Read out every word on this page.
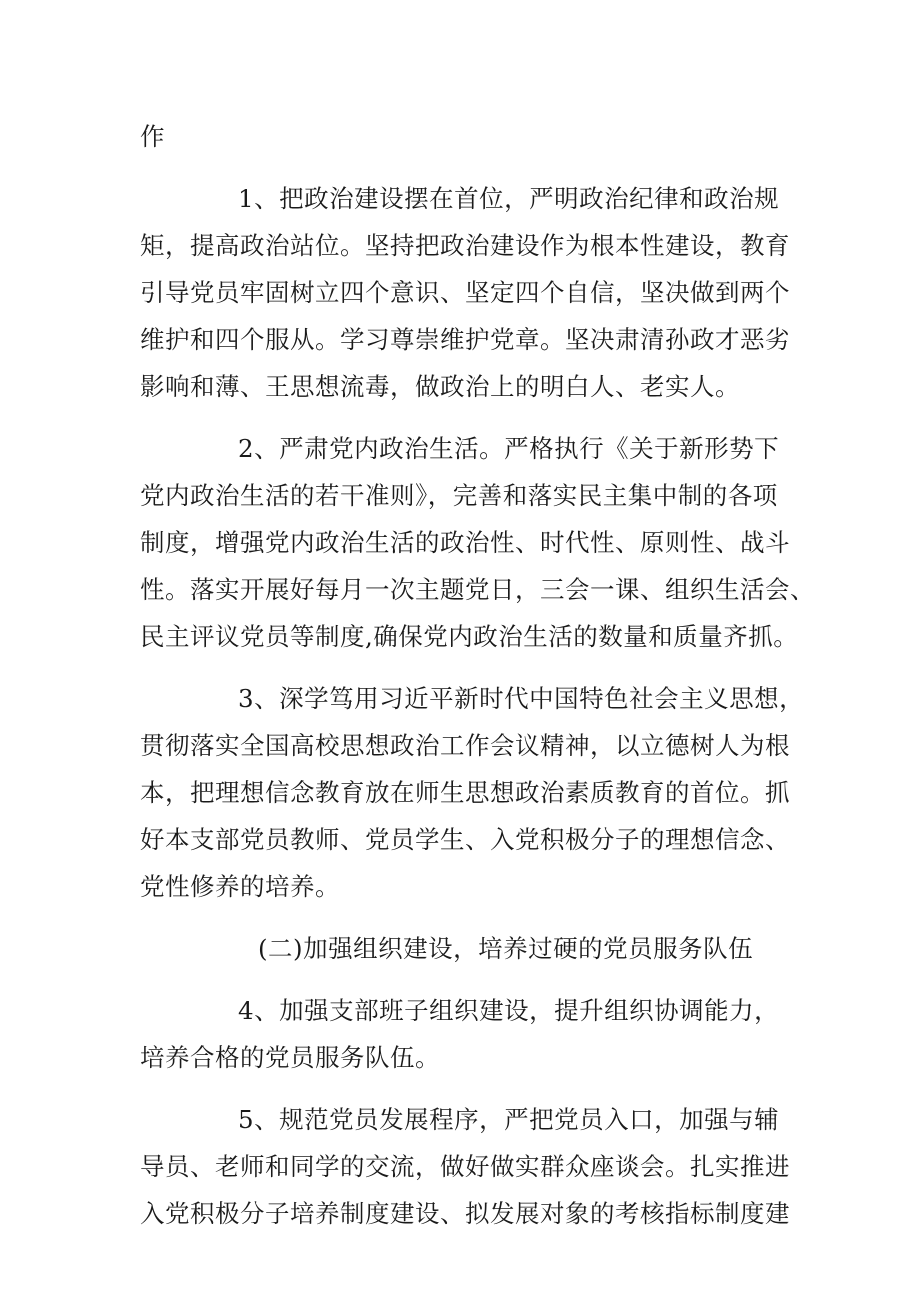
作
1、把政治建设摆在首位，严明政治纪律和政治规
矩，提高政治站位。坚持把政治建设作为根本性建设，教育
引导党员牢固树立四个意识、坚定四个自信，坚决做到两个
维护和四个服从。学习尊崇维护党章。坚决肃清孙政才恶劣
影响和薄、王思想流毒，做政治上的明白人、老实人。
2、严肃党内政治生活。严格执行《关于新形势下
党内政治生活的若干准则》，完善和落实民主集中制的各项
制度，增强党内政治生活的政治性、时代性、原则性、战斗
性。落实开展好每月一次主题党日，三会一课、组织生活会、
民主评议党员等制度,确保党内政治生活的数量和质量齐抓。
3、深学笃用习近平新时代中国特色社会主义思想，
贯彻落实全国高校思想政治工作会议精神，以立德树人为根
本，把理想信念教育放在师生思想政治素质教育的首位。抓
好本支部党员教师、党员学生、入党积极分子的理想信念、
党性修养的培养。
(二)加强组织建设，培养过硬的党员服务队伍
4、加强支部班子组织建设，提升组织协调能力，
培养合格的党员服务队伍。
5、规范党员发展程序，严把党员入口，加强与辅
导员、老师和同学的交流，做好做实群众座谈会。扎实推进
入党积极分子培养制度建设、拟发展对象的考核指标制度建
